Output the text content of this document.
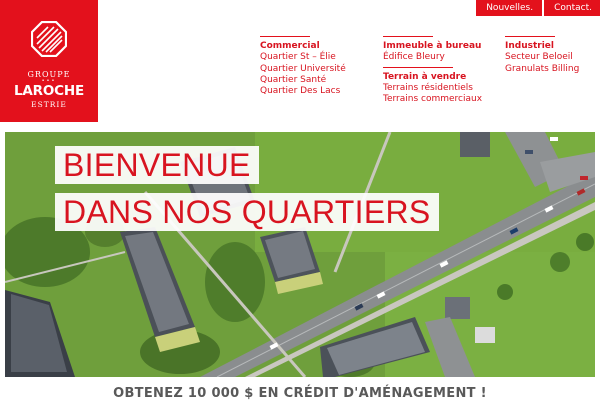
GROUPE
•••
LAROCHE
ESTRIE
Nouvelles.	Contact.
Commercial
Quartier St – Élie
Quartier Université
Quartier Santé
Quartier Des Lacs
Immeuble à bureau
Édifice Bleury
Terrain à vendre
Terrains résidentiels
Terrains commerciaux
Industriel
Secteur Beloeil
Granulats Billing
BIENVENUE
DANS NOS QUARTIERS
OBTENEZ 10 000 $ EN CRÉDIT D'AMÉNAGEMENT !
